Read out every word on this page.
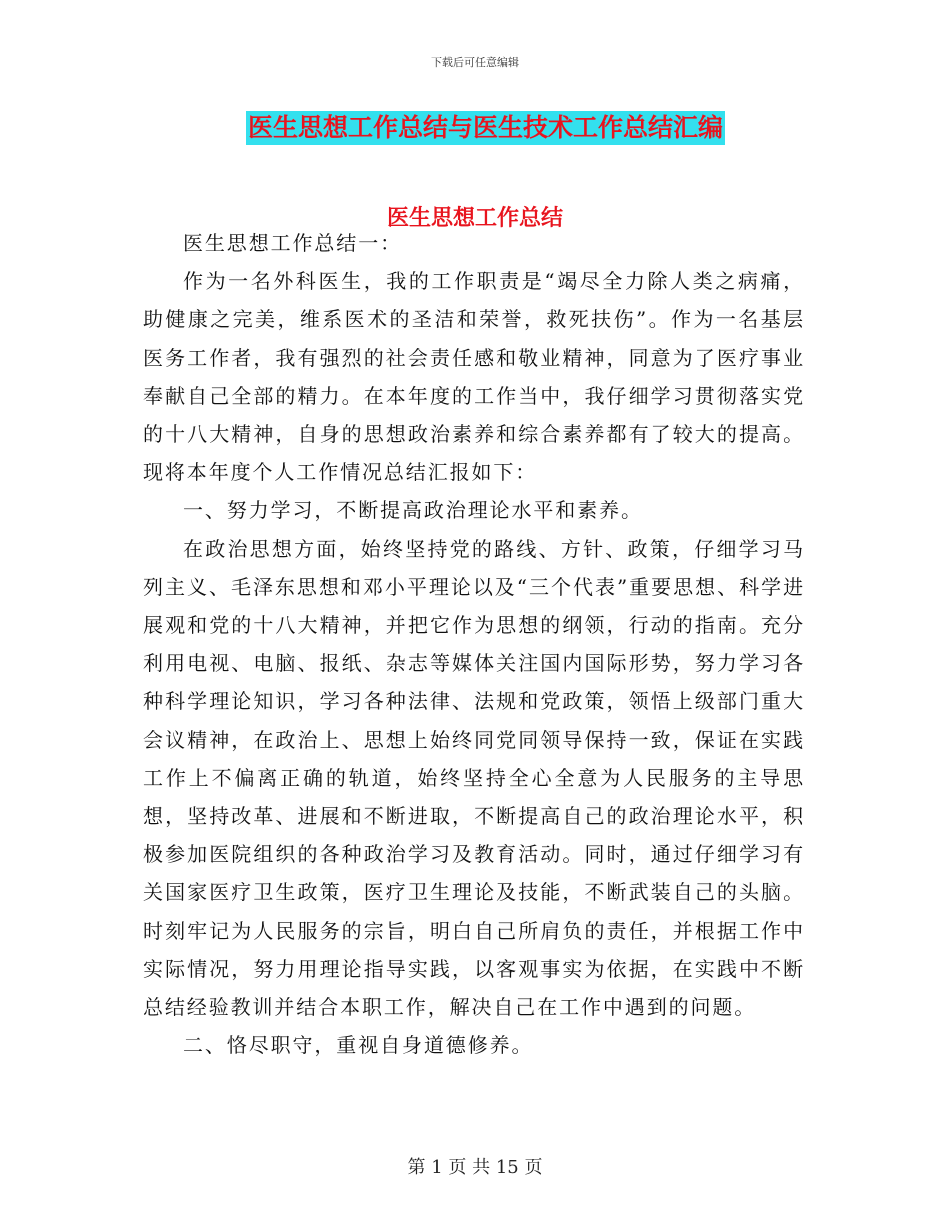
下载后可任意编辑
医生思想工作总结与医生技术工作总结汇编
医生思想工作总结

医生思想工作总结一：

作为一名外科医生，我的工作职责是“竭尽全力除人类之病痛，助健康之完美，维系医术的圣洁和荣誉，救死扶伤”。作为一名基层医务工作者，我有强烈的社会责任感和敬业精神，同意为了医疗事业奉献自己全部的精力。在本年度的工作当中，我仔细学习贯彻落实党的十八大精神，自身的思想政治素养和综合素养都有了较大的提高。现将本年度个人工作情况总结汇报如下：

一、努力学习，不断提高政治理论水平和素养。

在政治思想方面，始终坚持党的路线、方针、政策，仔细学习马列主义、毛泽东思想和邓小平理论以及“三个代表”重要思想、科学进展观和党的十八大精神，并把它作为思想的纲领，行动的指南。充分利用电视、电脑、报纸、杂志等媒体关注国内国际形势，努力学习各种科学理论知识，学习各种法律、法规和党政策，领悟上级部门重大会议精神，在政治上、思想上始终同党同领导保持一致，保证在实践工作上不偏离正确的轨道，始终坚持全心全意为人民服务的主导思想，坚持改革、进展和不断进取，不断提高自己的政治理论水平，积极参加医院组织的各种政治学习及教育活动。同时，通过仔细学习有关国家医疗卫生政策，医疗卫生理论及技能，不断武装自己的头脑。时刻牢记为人民服务的宗旨，明白自己所肩负的责任，并根据工作中实际情况，努力用理论指导实践，以客观事实为依据，在实践中不断总结经验教训并结合本职工作，解决自己在工作中遇到的问题。

二、恪尽职守，重视自身道德修养。

第 1 页 共 15 页
